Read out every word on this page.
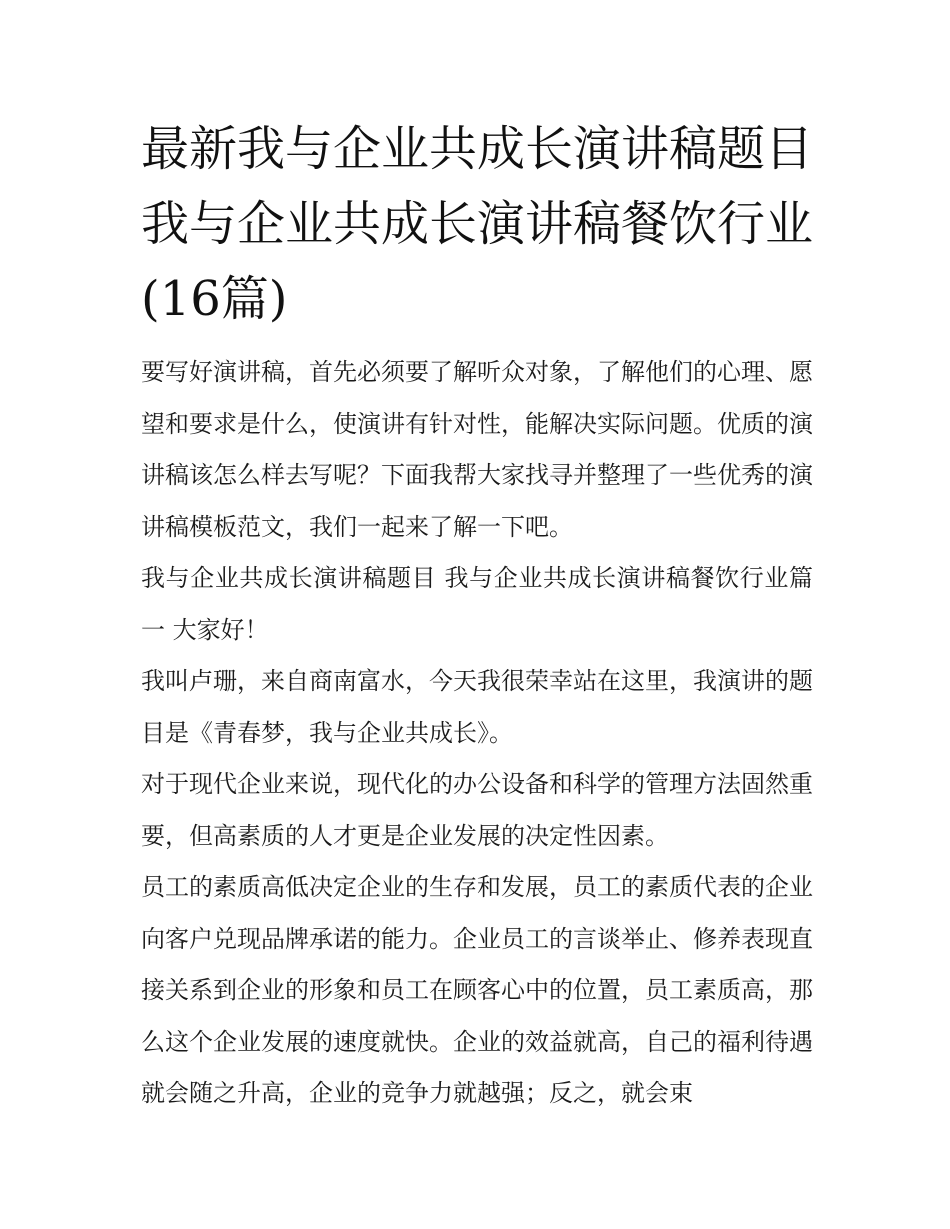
最新我与企业共成长演讲稿题目 我与企业共成长演讲稿餐饮行业(16篇)

要写好演讲稿，首先必须要了解听众对象，了解他们的心理、愿望和要求是什么，使演讲有针对性，能解决实际问题。优质的演讲稿该怎么样去写呢？下面我帮大家找寻并整理了一些优秀的演讲稿模板范文，我们一起来了解一下吧。

我与企业共成长演讲稿题目 我与企业共成长演讲稿餐饮行业篇一 大家好！

我叫卢珊，来自商南富水，今天我很荣幸站在这里，我演讲的题目是《青春梦，我与企业共成长》。

对于现代企业来说，现代化的办公设备和科学的管理方法固然重要，但高素质的人才更是企业发展的决定性因素。

员工的素质高低决定企业的生存和发展，员工的素质代表的企业向客户兑现品牌承诺的能力。企业员工的言谈举止、修养表现直接关系到企业的形象和员工在顾客心中的位置，员工素质高，那么这个企业发展的速度就快。企业的效益就高，自己的福利待遇就会随之升高，企业的竞争力就越强；反之，就会束
